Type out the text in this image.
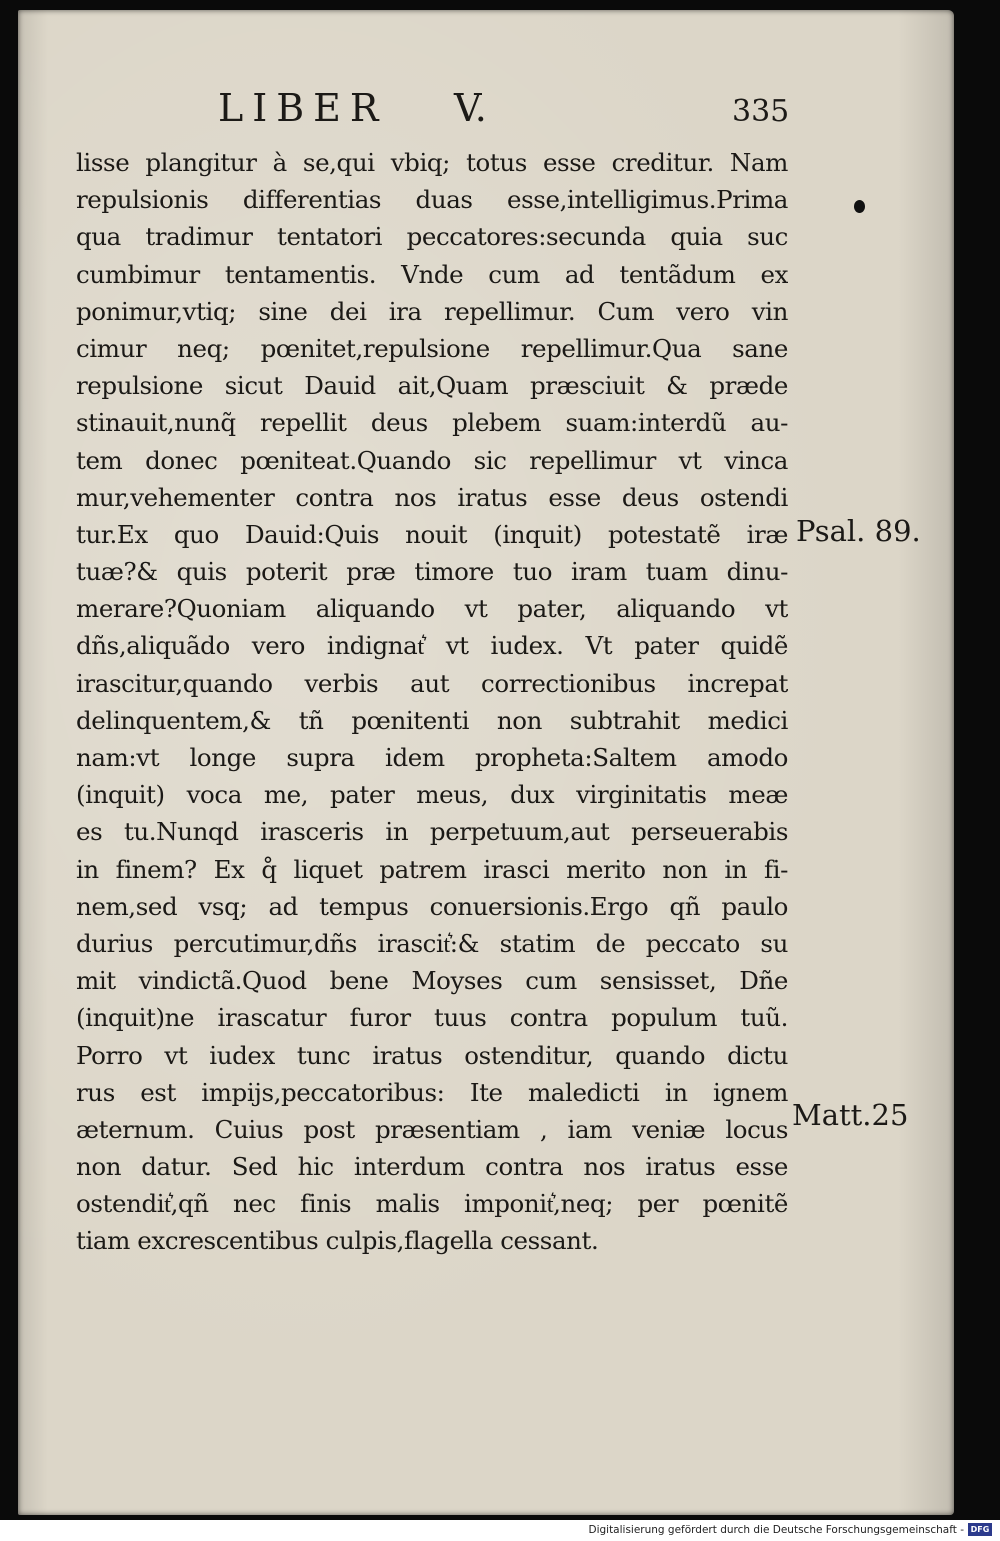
LIBER V.	335
lisse plangitur à se,qui vbiq; totus esse creditur. Nam
repulsionis differentias duas esse,intelligimus.Prima
qua tradimur tentatori peccatores:secunda quia suc
cumbimur tentamentis. Vnde cum ad tentãdum ex
ponimur,vtiq; sine dei ira repellimur. Cum vero vin
cimur neq; pœnitet,repulsione repellimur.Qua sane
repulsione sicut Dauid ait,Quam præsciuit & prædе
stinauit,nunq̃ repellit deus plebem suam:interdũ au-
tem donec pœniteat.Quando sic repellimur vt vinca
mur,vehementer contra nos iratus esse deus ostendi
tur.Ex quo Dauid:Quis nouit (inquit) potestatẽ iræ
tuæ?& quis poterit præ timore tuo iram tuam dinu-
merare?Quoniam aliquando vt pater, aliquando vt
dñs,aliquãdo vero indignat͛ vt iudex. Vt pater quidẽ
irascitur,quando verbis aut correctionibus increpat
delinquentem,& tñ pœnitenti non subtrahit medici
nam:vt longe supra idem propheta:Saltem amodo
(inquit) voca me, pater meus, dux virginitatis meæ
es tu.Nunqd irasceris in perpetuum,aut perseuerabis
in finem? Ex q̊ liquet patrem irasci merito non in fi-
nem,sed vsq; ad tempus conuersionis.Ergo qñ paulo
durius percutimur,dñs irascit͛:& statim de peccato su
mit vindictã.Quod bene Moyses cum sensisset, Dñe
(inquit)ne irascatur furor tuus contra populum tuũ.
Porro vt iudex tunc iratus ostenditur, quando dictu
rus est impijs,peccatoribus: Ite maledicti in ignem
æternum. Cuius post præsentiam , iam veniæ locus
non datur. Sed hic interdum contra nos iratus esse
ostendit͛,qñ nec finis malis imponit͛,neq; per pœnitẽ
tiam excrescentibus culpis,flagella cessant.
Psal. 89.
Matt.25
Digitalisierung gefördert durch die Deutsche Forschungsgemeinschaft - DFG
